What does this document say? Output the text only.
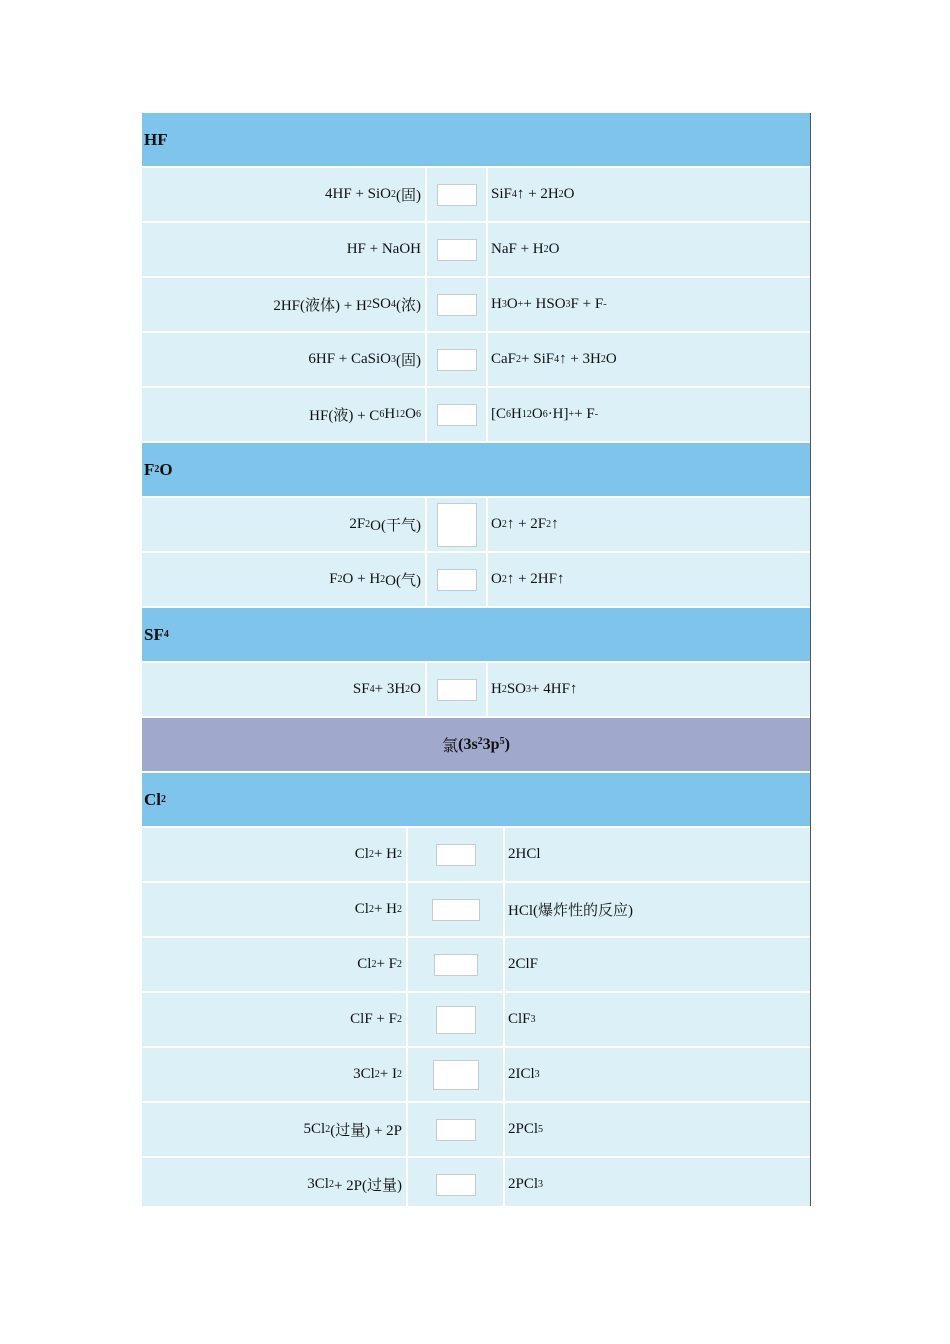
HF
4HF + SiO 2 (固)	SiF 4 ↑ + 2H 2 O
HF + NaOH	NaF + H 2 O
2HF(液体) + H 2 SO 4 (浓)	H 3 O + + HSO 3 F + F -
6HF + CaSiO 3 (固)	CaF 2 + SiF 4 ↑ + 3H 2 O
HF(液) + C 6 H 12 O 6	[C 6 H 12 O 6 ·H] + + F -
F 2 O
2F 2 O(干气)	O 2 ↑ + 2F 2 ↑
F 2 O + H 2 O(气)	O 2 ↑ + 2HF↑
SF 4
SF 4 + 3H 2 O	H 2 SO 3 + 4HF↑
氯 $(3s^23p^5)$
Cl 2
Cl 2 + H 2	2HCl
Cl 2 + H 2	HCl(爆炸性的反应)
Cl 2 + F 2	2ClF
ClF + F 2	ClF 3
3Cl 2 + I 2	2ICl 3
5Cl 2 (过量) + 2P	2PCl 5
3Cl 2 + 2P(过量)	2PCl 3
